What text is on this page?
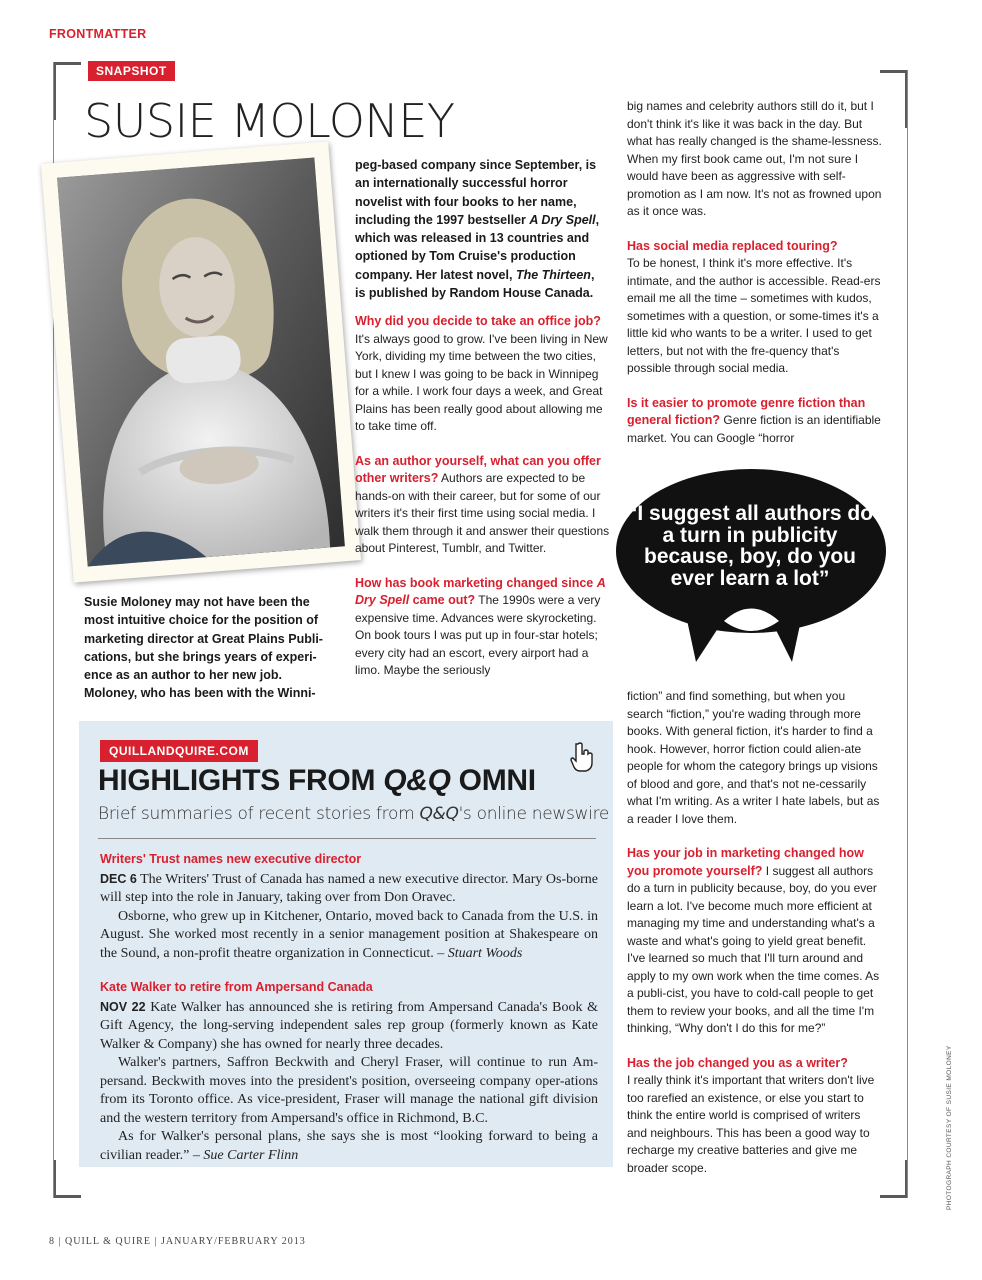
FRONTMATTER
SNAPSHOT
SUSIE MOLONEY
Susie Moloney may not have been the most intuitive choice for the position of marketing director at Great Plains Publi-cations, but she brings years of experi-ence as an author to her new job. Moloney, who has been with the Winni-
peg-based company since September, is an internationally successful horror novelist with four books to her name, including the 1997 bestseller A Dry Spell, which was released in 13 countries and optioned by Tom Cruise's production company. Her latest novel, The Thirteen, is published by Random House Canada.

Why did you decide to take an office job? It's always good to grow. I've been living in New York, dividing my time between the two cities, but I knew I was going to be back in Winnipeg for a while. I work four days a week, and Great Plains has been really good about allowing me to take time off.

As an author yourself, what can you offer other writers? Authors are expected to be hands-on with their career, but for some of our writers it's their first time using social media. I walk them through it and answer their questions about Pinterest, Tumblr, and Twitter.

How has book marketing changed since A Dry Spell came out? The 1990s were a very expensive time. Advances were skyrocketing. On book tours I was put up in four-star hotels; every city had an escort, every airport had a limo. Maybe the seriously

big names and celebrity authors still do it, but I don't think it's like it was back in the day. But what has really changed is the shame-lessness. When my first book came out, I'm not sure I would have been as aggressive with self-promotion as I am now. It's not as frowned upon as it once was.

Has social media replaced touring?
To be honest, I think it's more effective. It's intimate, and the author is accessible. Read-ers email me all the time – sometimes with kudos, sometimes with a question, or some-times it's a little kid who wants to be a writer. I used to get letters, but not with the fre-quency that's possible through social media.

Is it easier to promote genre fiction than general fiction? Genre fiction is an identifiable market. You can Google “horror

“I suggest all authors do a turn in publicity because, boy, do you ever learn a lot”

fiction” and find something, but when you search “fiction,” you're wading through more books. With general fiction, it's harder to find a hook. However, horror fiction could alien-ate people for whom the category brings up visions of blood and gore, and that's not ne-cessarily what I'm writing. As a writer I hate labels, but as a reader I love them.

Has your job in marketing changed how you promote yourself? I suggest all authors do a turn in publicity because, boy, do you ever learn a lot. I've become much more efficient at managing my time and understanding what's a waste and what's going to yield great benefit. I've learned so much that I'll turn around and apply to my own work when the time comes. As a publi-cist, you have to cold-call people to get them to review your books, and all the time I'm thinking, “Why don't I do this for me?”

Has the job changed you as a writer?
I really think it's important that writers don't live too rarefied an existence, or else you start to think the entire world is comprised of writers and neighbours. This has been a good way to recharge my creative batteries and give me broader scope.

QUILLANDQUIRE.COM
HIGHLIGHTS FROM Q&Q OMNI
Brief summaries of recent stories from Q&Q's online newswire
Writers' Trust names new executive director
DEC 6 The Writers' Trust of Canada has named a new executive director. Mary Os-borne will step into the role in January, taking over from Don Oravec.
Osborne, who grew up in Kitchener, Ontario, moved back to Canada from the U.S. in August. She worked most recently in a senior management position at Shakespeare on the Sound, a non-profit theatre organization in Connecticut. – Stuart Woods
Kate Walker to retire from Ampersand Canada
NOV 22 Kate Walker has announced she is retiring from Ampersand Canada's Book & Gift Agency, the long-serving independent sales rep group (formerly known as Kate Walker & Company) she has owned for nearly three decades.
Walker's partners, Saffron Beckwith and Cheryl Fraser, will continue to run Am-persand. Beckwith moves into the president's position, overseeing company oper-ations from its Toronto office. As vice-president, Fraser will manage the national gift division and the western territory from Ampersand's office in Richmond, B.C.
As for Walker's personal plans, she says she is most “looking forward to being a civilian reader.” – Sue Carter Flinn	PHOTOGRAPH COURTESY OF SUSIE MOLONEY
8 | QUILL & QUIRE | JANUARY/FEBRUARY 2013
